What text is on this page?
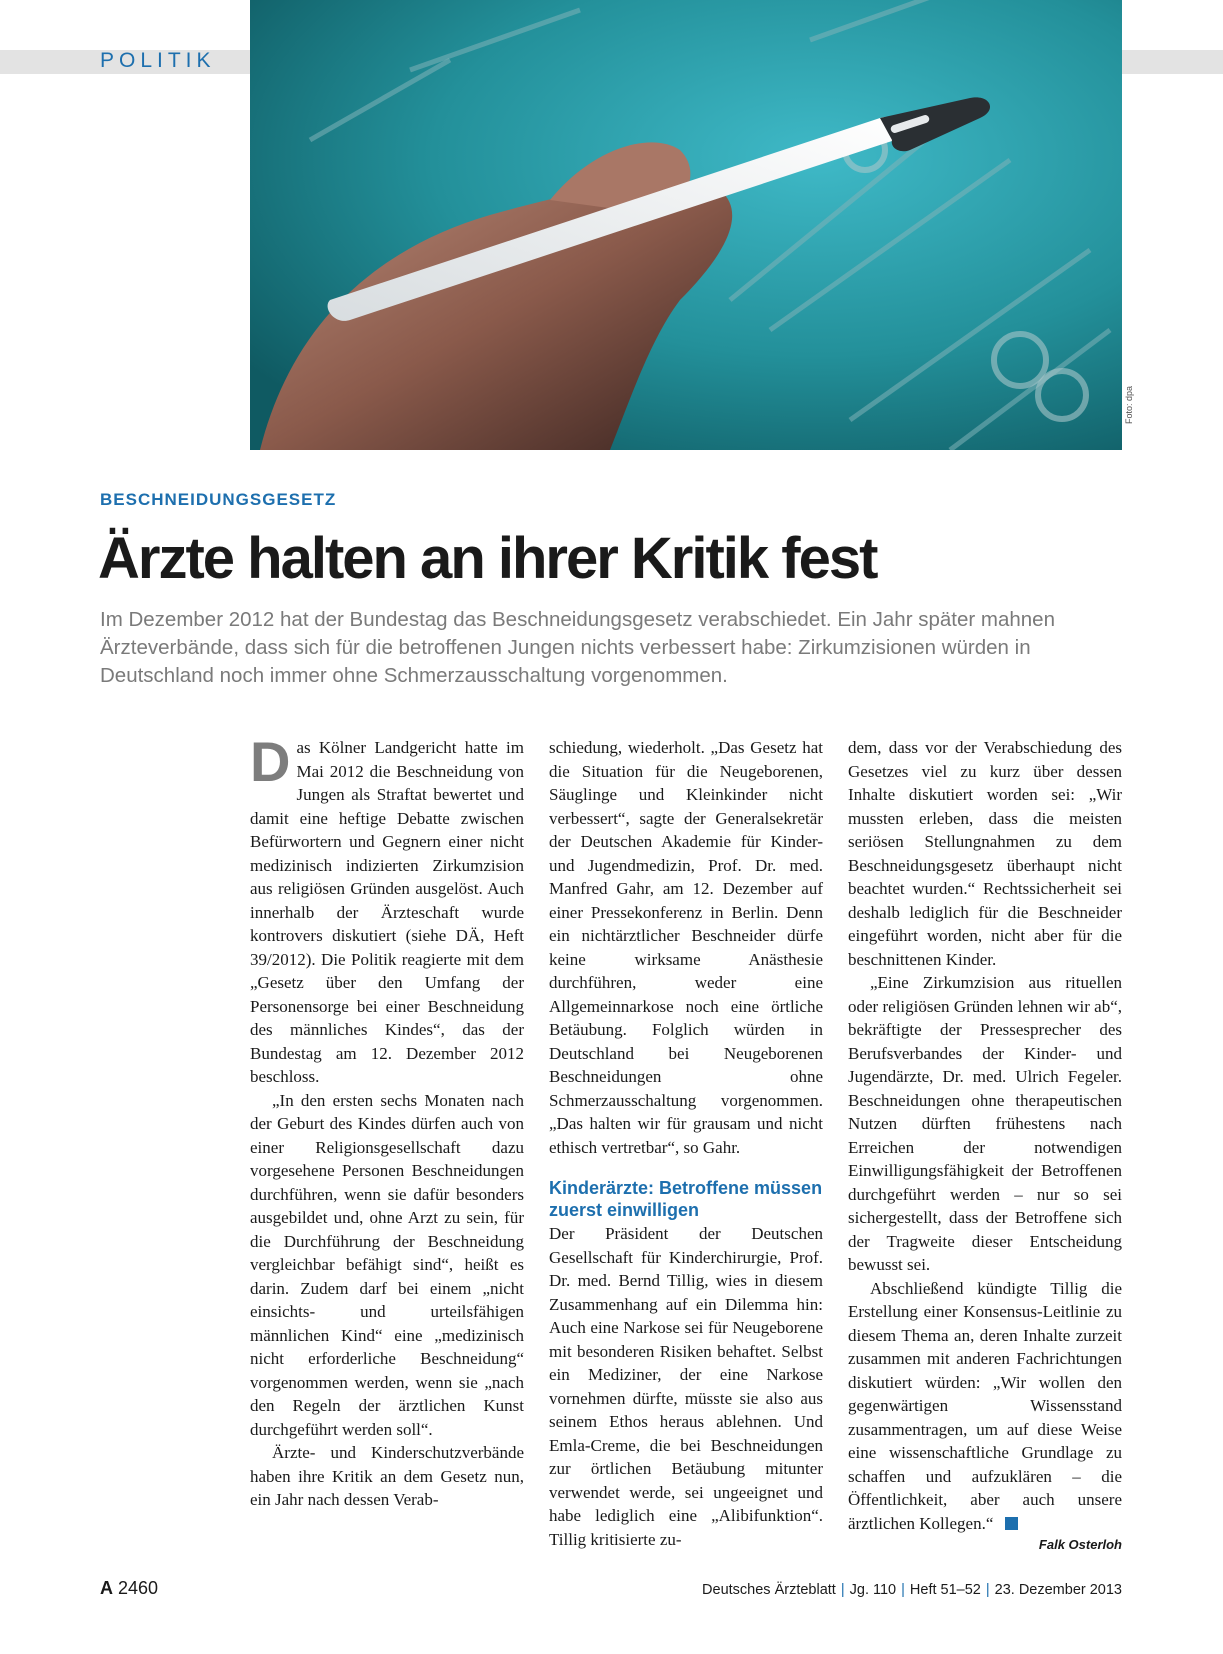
POLITIK
Foto: dpa
BESCHNEIDUNGSGESETZ
Ärzte halten an ihrer Kritik fest

Im Dezember 2012 hat der Bundestag das Beschneidungsgesetz verabschiedet. Ein Jahr später mahnen Ärzteverbände, dass sich für die betroffenen Jungen nichts verbessert habe: Zirkumzisionen würden in Deutschland noch immer ohne Schmerzausschaltung vorgenommen.

Das Kölner Landgericht hatte im Mai 2012 die Beschneidung von Jungen als Straftat bewertet und damit eine heftige Debatte zwischen Befürwortern und Gegnern einer nicht medizinisch indizierten Zirkumzision aus religiösen Gründen ausgelöst. Auch innerhalb der Ärzteschaft wurde kontrovers diskutiert (siehe DÄ, Heft 39/2012). Die Politik reagierte mit dem „Gesetz über den Umfang der Personensorge bei einer Beschneidung des männliches Kindes“, das der Bundestag am 12. Dezember 2012 beschloss.

„In den ersten sechs Monaten nach der Geburt des Kindes dürfen auch von einer Religionsgesellschaft dazu vorgesehene Personen Beschneidungen durchführen, wenn sie dafür besonders ausgebildet und, ohne Arzt zu sein, für die Durchführung der Beschneidung vergleichbar befähigt sind“, heißt es darin. Zudem darf bei einem „nicht einsichts- und urteilsfähigen männlichen Kind“ eine „medizinisch nicht erforderliche Beschneidung“ vorgenommen werden, wenn sie „nach den Regeln der ärztlichen Kunst durchgeführt werden soll“.

Ärzte- und Kinderschutzverbände haben ihre Kritik an dem Gesetz nun, ein Jahr nach dessen Verab-

schiedung, wiederholt. „Das Gesetz hat die Situation für die Neugeborenen, Säuglinge und Kleinkinder nicht verbessert“, sagte der Generalsekretär der Deutschen Akademie für Kinder- und Jugendmedizin, Prof. Dr. med. Manfred Gahr, am 12. Dezember auf einer Pressekonferenz in Berlin. Denn ein nichtärztlicher Beschneider dürfe keine wirksame Anästhesie durchführen, weder eine Allgemeinnarkose noch eine örtliche Betäubung. Folglich würden in Deutschland bei Neugeborenen Beschneidungen ohne Schmerzausschaltung vorgenommen. „Das halten wir für grausam und nicht ethisch vertretbar“, so Gahr.

Kinderärzte: Betroffene müssen zuerst einwilligen

Der Präsident der Deutschen Gesellschaft für Kinderchirurgie, Prof. Dr. med. Bernd Tillig, wies in diesem Zusammenhang auf ein Dilemma hin: Auch eine Narkose sei für Neugeborene mit besonderen Risiken behaftet. Selbst ein Mediziner, der eine Narkose vornehmen dürfte, müsste sie also aus seinem Ethos heraus ablehnen. Und Emla-Creme, die bei Beschneidungen zur örtlichen Betäubung mitunter verwendet werde, sei ungeeignet und habe lediglich eine „Alibifunktion“. Tillig kritisierte zu-

dem, dass vor der Verabschiedung des Gesetzes viel zu kurz über dessen Inhalte diskutiert worden sei: „Wir mussten erleben, dass die meisten seriösen Stellungnahmen zu dem Beschneidungsgesetz überhaupt nicht beachtet wurden.“ Rechtssicherheit sei deshalb lediglich für die Beschneider eingeführt worden, nicht aber für die beschnittenen Kinder.

„Eine Zirkumzision aus rituellen oder religiösen Gründen lehnen wir ab“, bekräftigte der Pressesprecher des Berufsverbandes der Kinder- und Jugendärzte, Dr. med. Ulrich Fegeler. Beschneidungen ohne therapeutischen Nutzen dürften frühestens nach Erreichen der notwendigen Einwilligungsfähigkeit der Betroffenen durchgeführt werden – nur so sei sichergestellt, dass der Betroffene sich der Tragweite dieser Entscheidung bewusst sei.

Abschließend kündigte Tillig die Erstellung einer Konsensus-Leitlinie zu diesem Thema an, deren Inhalte zurzeit zusammen mit anderen Fachrichtungen diskutiert würden: „Wir wollen den gegenwärtigen Wissensstand zusammentragen, um auf diese Weise eine wissenschaftliche Grundlage zu schaffen und aufzuklären – die Öffentlichkeit, aber auch unsere ärztlichen Kollegen.“

Falk Osterloh
A 2460	Deutsches Ärzteblatt | Jg. 110 | Heft 51–52 | 23. Dezember 2013
